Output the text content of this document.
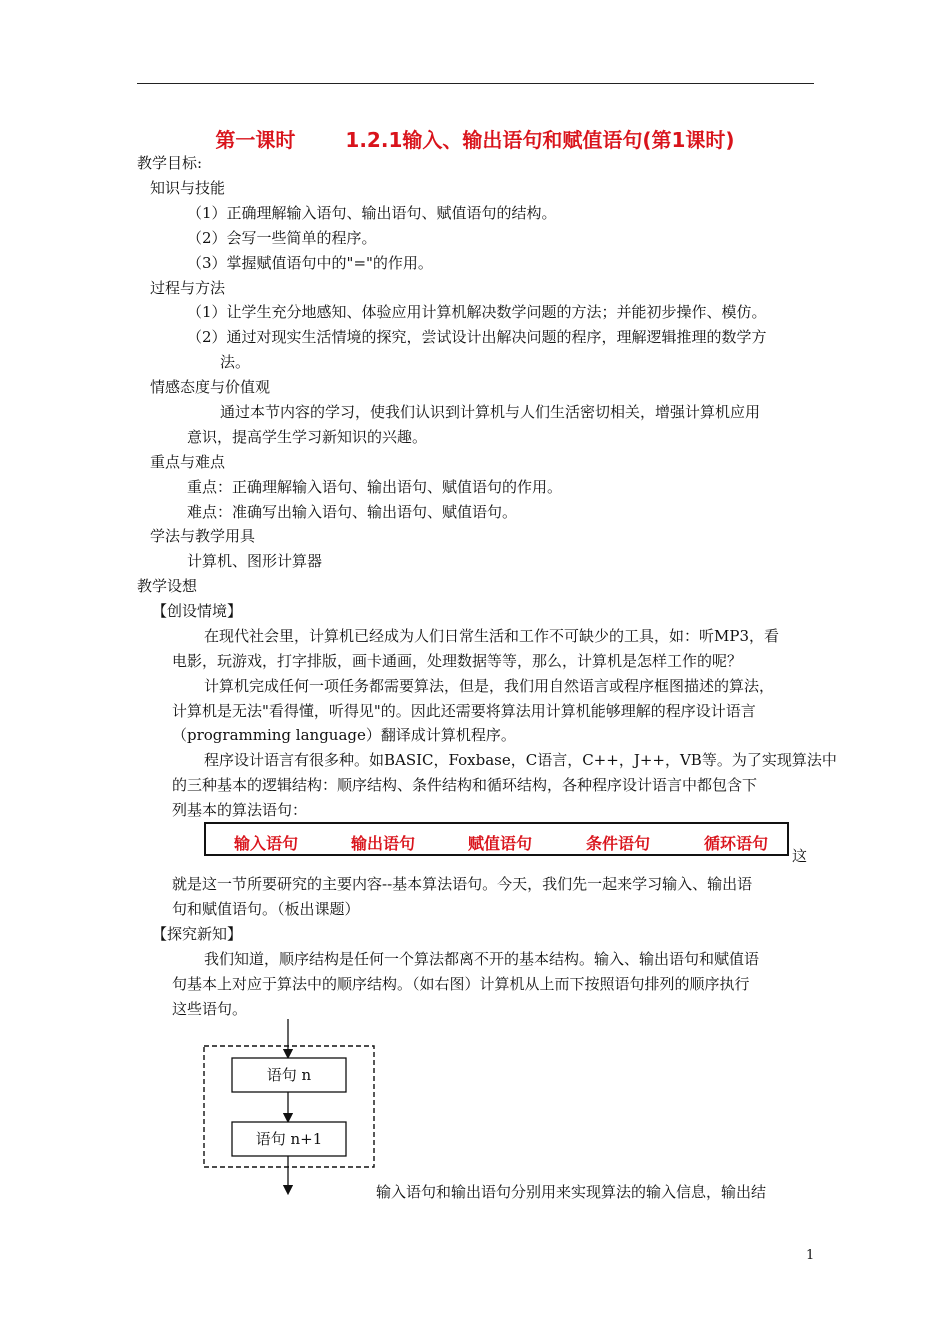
第一课时	1.2.1输入、输出语句和赋值语句(第1课时)
教学目标:
知识与技能
（1）正确理解输入语句、输出语句、赋值语句的结构。
（2）会写一些简单的程序。
（3）掌握赋值语句中的"="的作用。
过程与方法
（1）让学生充分地感知、体验应用计算机解决数学问题的方法；并能初步操作、模仿。
（2）通过对现实生活情境的探究，尝试设计出解决问题的程序，理解逻辑推理的数学方
法。
情感态度与价值观
通过本节内容的学习，使我们认识到计算机与人们生活密切相关，增强计算机应用
意识，提高学生学习新知识的兴趣。
重点与难点
重点：正确理解输入语句、输出语句、赋值语句的作用。
难点：准确写出输入语句、输出语句、赋值语句。
学法与教学用具
计算机、图形计算器
教学设想
【创设情境】
在现代社会里，计算机已经成为人们日常生活和工作不可缺少的工具，如：听MP3，看
电影，玩游戏，打字排版，画卡通画，处理数据等等，那么，计算机是怎样工作的呢？
计算机完成任何一项任务都需要算法，但是，我们用自然语言或程序框图描述的算法，
计算机是无法"看得懂，听得见"的。因此还需要将算法用计算机能够理解的程序设计语言
（programming language）翻译成计算机程序。
程序设计语言有很多种。如BASIC，Foxbase，C语言，C++，J++，VB等。为了实现算法中
的三种基本的逻辑结构：顺序结构、条件结构和循环结构，各种程序设计语言中都包含下
列基本的算法语句：
输入语句	输出语句	赋值语句	条件语句	循环语句
这
就是这一节所要研究的主要内容--基本算法语句。今天，我们先一起来学习输入、输出语
句和赋值语句。（板出课题）
【探究新知】
我们知道，顺序结构是任何一个算法都离不开的基本结构。输入、输出语句和赋值语
句基本上对应于算法中的顺序结构。（如右图）计算机从上而下按照语句排列的顺序执行
这些语句。
语句 n
语句 n+1
输入语句和输出语句分别用来实现算法的输入信息，输出结
1
